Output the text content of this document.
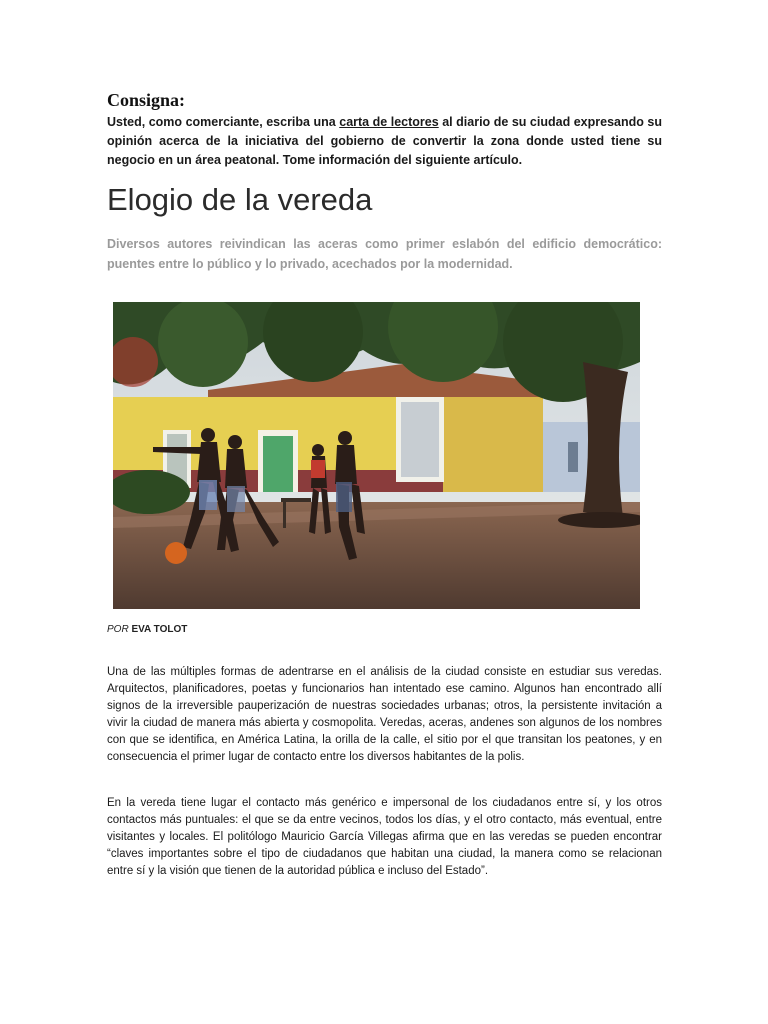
Consigna:
Usted, como comerciante, escriba una carta de lectores al diario de su ciudad expresando su opinión acerca de la iniciativa del gobierno de convertir la zona donde usted tiene su negocio en un área peatonal. Tome información del siguiente artículo.
Elogio de la vereda
Diversos autores reivindican las aceras como primer eslabón del edificio democrático: puentes entre lo público y lo privado, acechados por la modernidad.
POR EVA TOLOT
Una de las múltiples formas de adentrarse en el análisis de la ciudad consiste en estudiar sus veredas. Arquitectos, planificadores, poetas y funcionarios han intentado ese camino. Algunos han encontrado allí signos de la irreversible pauperización de nuestras sociedades urbanas; otros, la persistente invitación a vivir la ciudad de manera más abierta y cosmopolita. Veredas, aceras, andenes son algunos de los nombres con que se identifica, en América Latina, la orilla de la calle, el sitio por el que transitan los peatones, y en consecuencia el primer lugar de contacto entre los diversos habitantes de la polis.
En la vereda tiene lugar el contacto más genérico e impersonal de los ciudadanos entre sí, y los otros contactos más puntuales: el que se da entre vecinos, todos los días, y el otro contacto, más eventual, entre visitantes y locales. El politólogo Mauricio García Villegas afirma que en las veredas se pueden encontrar “claves importantes sobre el tipo de ciudadanos que habitan una ciudad, la manera como se relacionan entre sí y la visión que tienen de la autoridad pública e incluso del Estado”.
